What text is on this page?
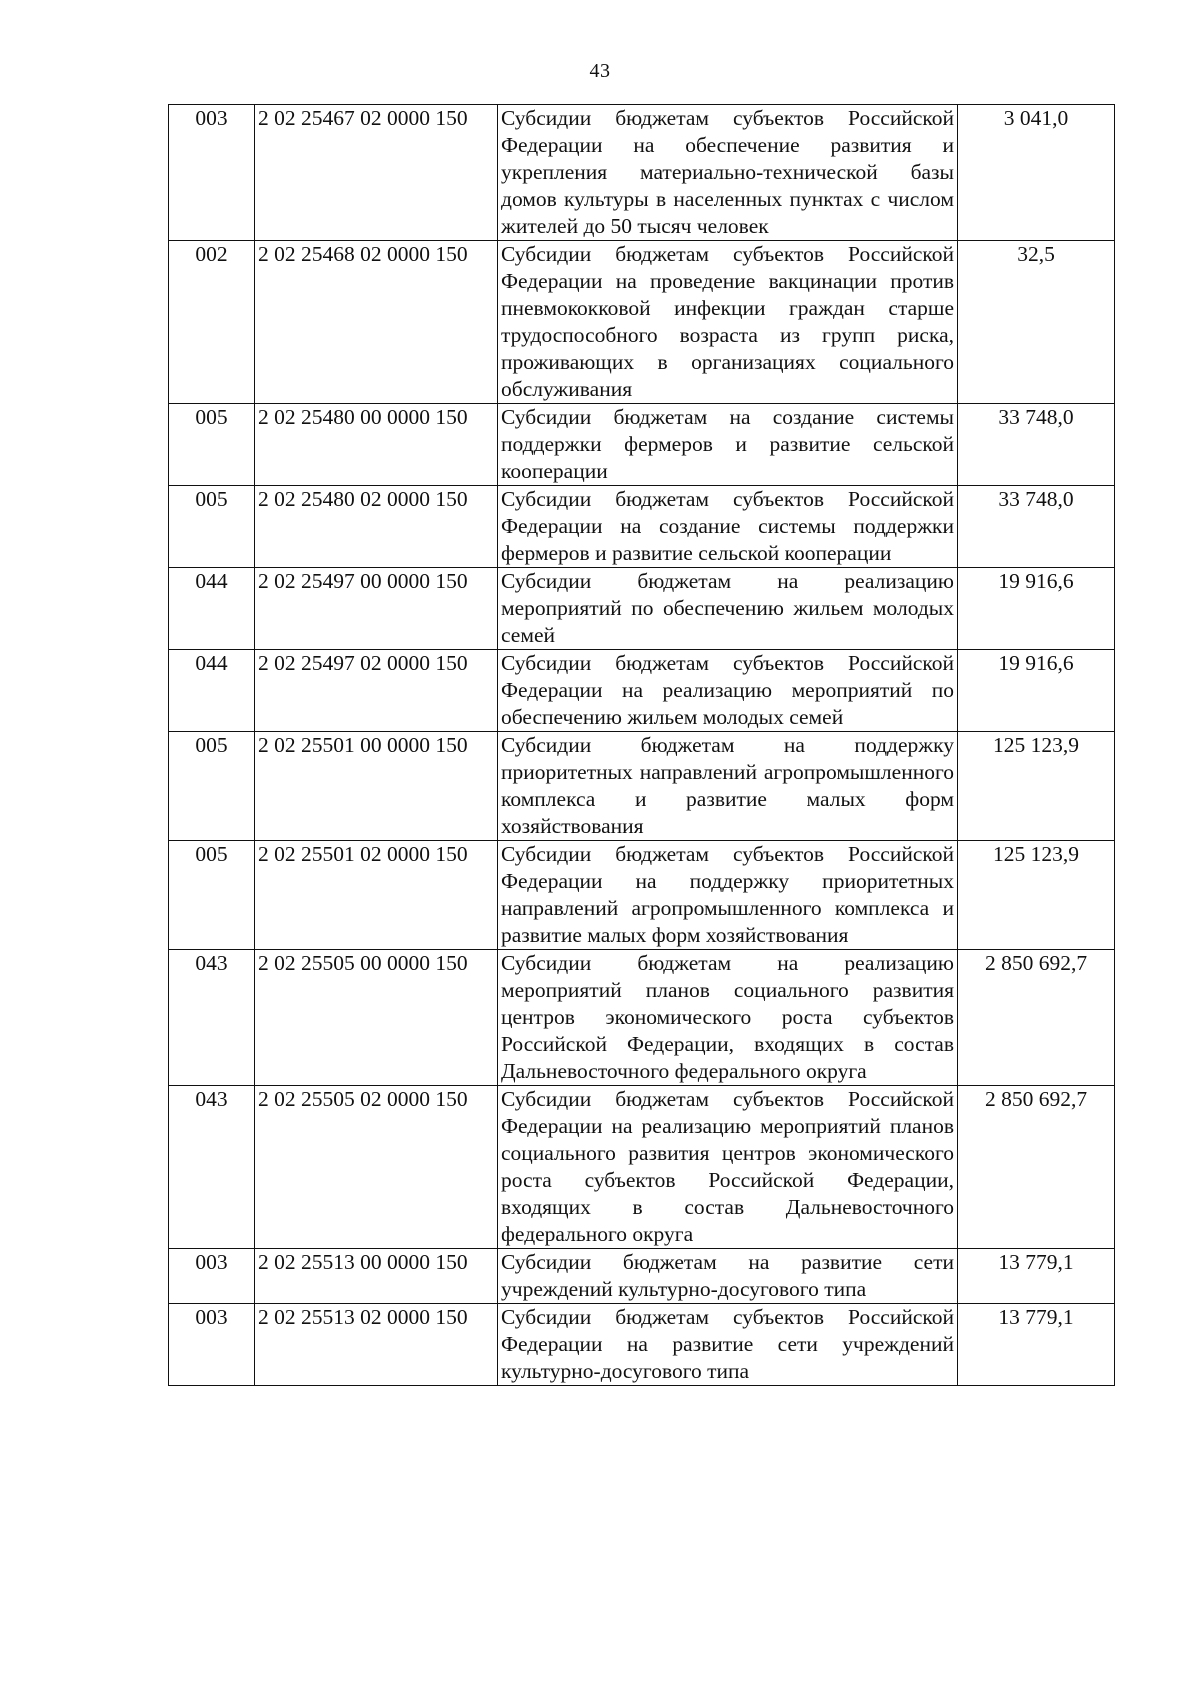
43
003	2 02 25467 02 0000 150	Субсидии бюджетам субъектов Российской Федерации на обеспечение развития и укрепления материально-технической базы домов культуры в населенных пунктах с числом жителей до 50 тысяч человек	3 041,0
002	2 02 25468 02 0000 150	Субсидии бюджетам субъектов Российской Федерации на проведение вакцинации против пневмококковой инфекции граждан старше трудоспособного возраста из групп риска, проживающих в организациях социального обслуживания	32,5
005	2 02 25480 00 0000 150	Субсидии бюджетам на создание системы поддержки фермеров и развитие сельской кооперации	33 748,0
005	2 02 25480 02 0000 150	Субсидии бюджетам субъектов Российской Федерации на создание системы поддержки фермеров и развитие сельской кооперации	33 748,0
044	2 02 25497 00 0000 150	Субсидии бюджетам на реализацию мероприятий по обеспечению жильем молодых семей	19 916,6
044	2 02 25497 02 0000 150	Субсидии бюджетам субъектов Российской Федерации на реализацию мероприятий по обеспечению жильем молодых семей	19 916,6
005	2 02 25501 00 0000 150	Субсидии бюджетам на поддержку приоритетных направлений агропромышленного комплекса и развитие малых форм хозяйствования	125 123,9
005	2 02 25501 02 0000 150	Субсидии бюджетам субъектов Российской Федерации на поддержку приоритетных направлений агропромышленного комплекса и развитие малых форм хозяйствования	125 123,9
043	2 02 25505 00 0000 150	Субсидии бюджетам на реализацию мероприятий планов социального развития центров экономического роста субъектов Российской Федерации, входящих в состав Дальневосточного федерального округа	2 850 692,7
043	2 02 25505 02 0000 150	Субсидии бюджетам субъектов Российской Федерации на реализацию мероприятий планов социального развития центров экономического роста субъектов Российской Федерации, входящих в состав Дальневосточного федерального округа	2 850 692,7
003	2 02 25513 00 0000 150	Субсидии бюджетам на развитие сети учреждений культурно-досугового типа	13 779,1
003	2 02 25513 02 0000 150	Субсидии бюджетам субъектов Российской Федерации на развитие сети учреждений культурно-досугового типа	13 779,1
